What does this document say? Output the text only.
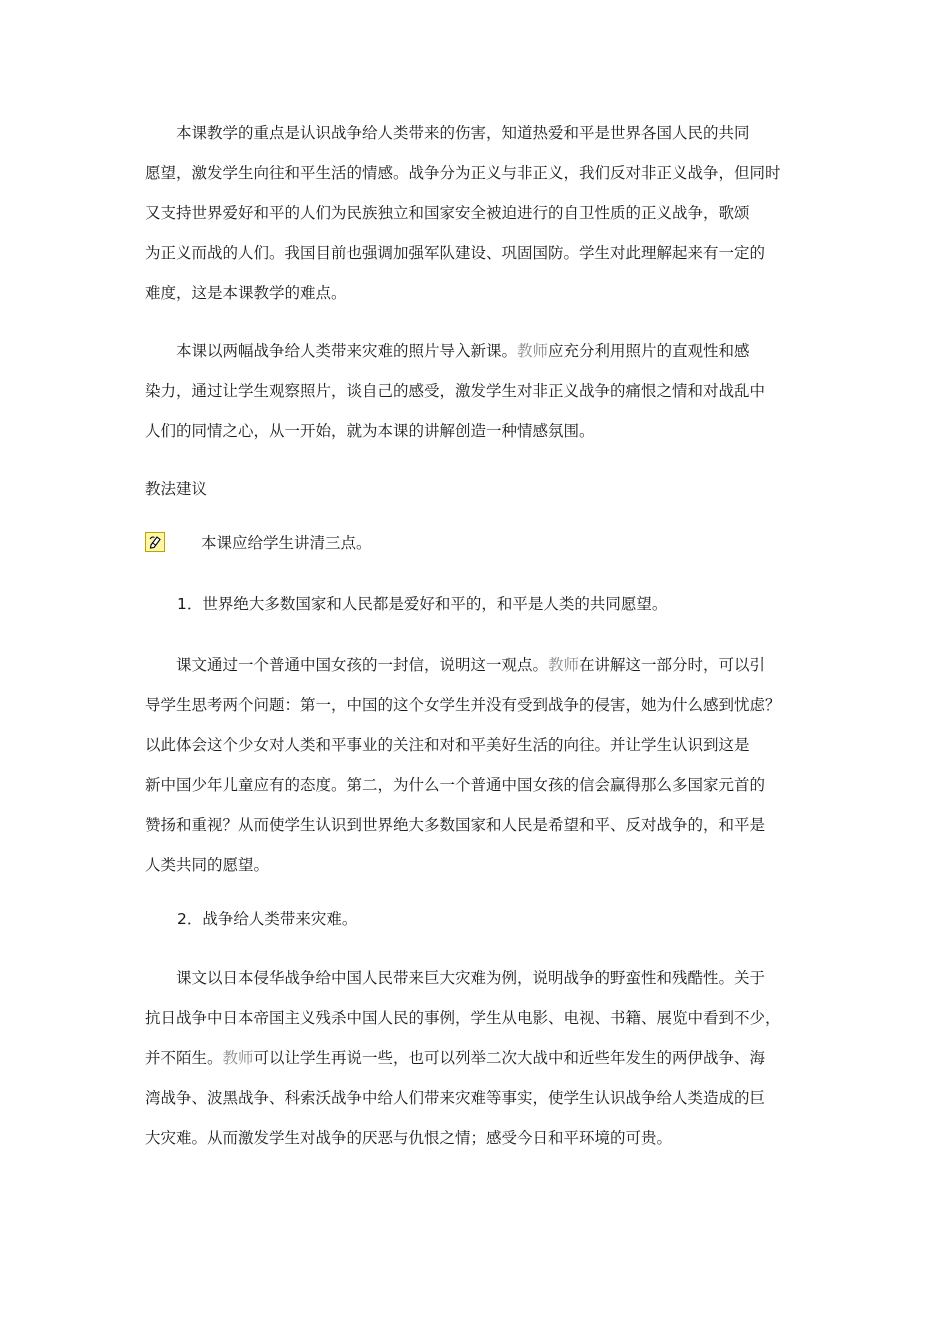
本课教学的重点是认识战争给人类带来的伤害，知道热爱和平是世界各国人民的共同
愿望，激发学生向往和平生活的情感。战争分为正义与非正义，我们反对非正义战争，但同时
又支持世界爱好和平的人们为民族独立和国家安全被迫进行的自卫性质的正义战争，歌颂
为正义而战的人们。我国目前也强调加强军队建设、巩固国防。学生对此理解起来有一定的
难度，这是本课教学的难点。
本课以两幅战争给人类带来灾难的照片导入新课。教师应充分利用照片的直观性和感
染力，通过让学生观察照片，谈自己的感受，激发学生对非正义战争的痛恨之情和对战乱中
人们的同情之心，从一开始，就为本课的讲解创造一种情感氛围。
教法建议
本课应给学生讲清三点。
1．世界绝大多数国家和人民都是爱好和平的，和平是人类的共同愿望。
课文通过一个普通中国女孩的一封信，说明这一观点。教师在讲解这一部分时，可以引
导学生思考两个问题：第一，中国的这个女学生并没有受到战争的侵害，她为什么感到忧虑？
以此体会这个少女对人类和平事业的关注和对和平美好生活的向往。并让学生认识到这是
新中国少年儿童应有的态度。第二，为什么一个普通中国女孩的信会赢得那么多国家元首的
赞扬和重视？从而使学生认识到世界绝大多数国家和人民是希望和平、反对战争的，和平是
人类共同的愿望。
2．战争给人类带来灾难。
课文以日本侵华战争给中国人民带来巨大灾难为例，说明战争的野蛮性和残酷性。关于
抗日战争中日本帝国主义残杀中国人民的事例，学生从电影、电视、书籍、展览中看到不少，
并不陌生。教师可以让学生再说一些，也可以列举二次大战中和近些年发生的两伊战争、海
湾战争、波黑战争、科索沃战争中给人们带来灾难等事实，使学生认识战争给人类造成的巨
大灾难。从而激发学生对战争的厌恶与仇恨之情；感受今日和平环境的可贵。
